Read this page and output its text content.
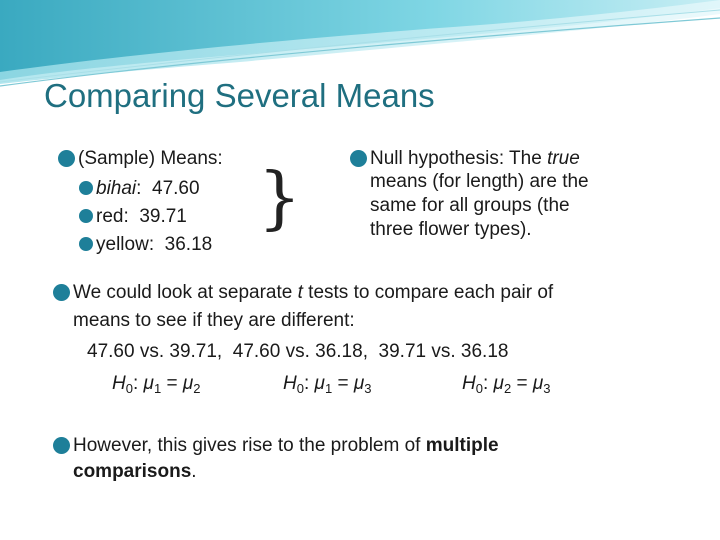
Comparing Several Means
(Sample) Means:
bihai:  47.60
red:  39.71
yellow:  36.18
}
Null hypothesis: The true
means (for length) are the
same for all groups (the
three flower types).
We could look at separate t tests to compare each pair of
means to see if they are different:
47.60 vs. 39.71,  47.60 vs. 36.18,  39.71 vs. 36.18
$H_0$: $\mu_1 = \mu_2$	$H_0$: $\mu_1 = \mu_3$	$H_0$: $\mu_2 = \mu_3$
However, this gives rise to the problem of multiple
comparisons.
